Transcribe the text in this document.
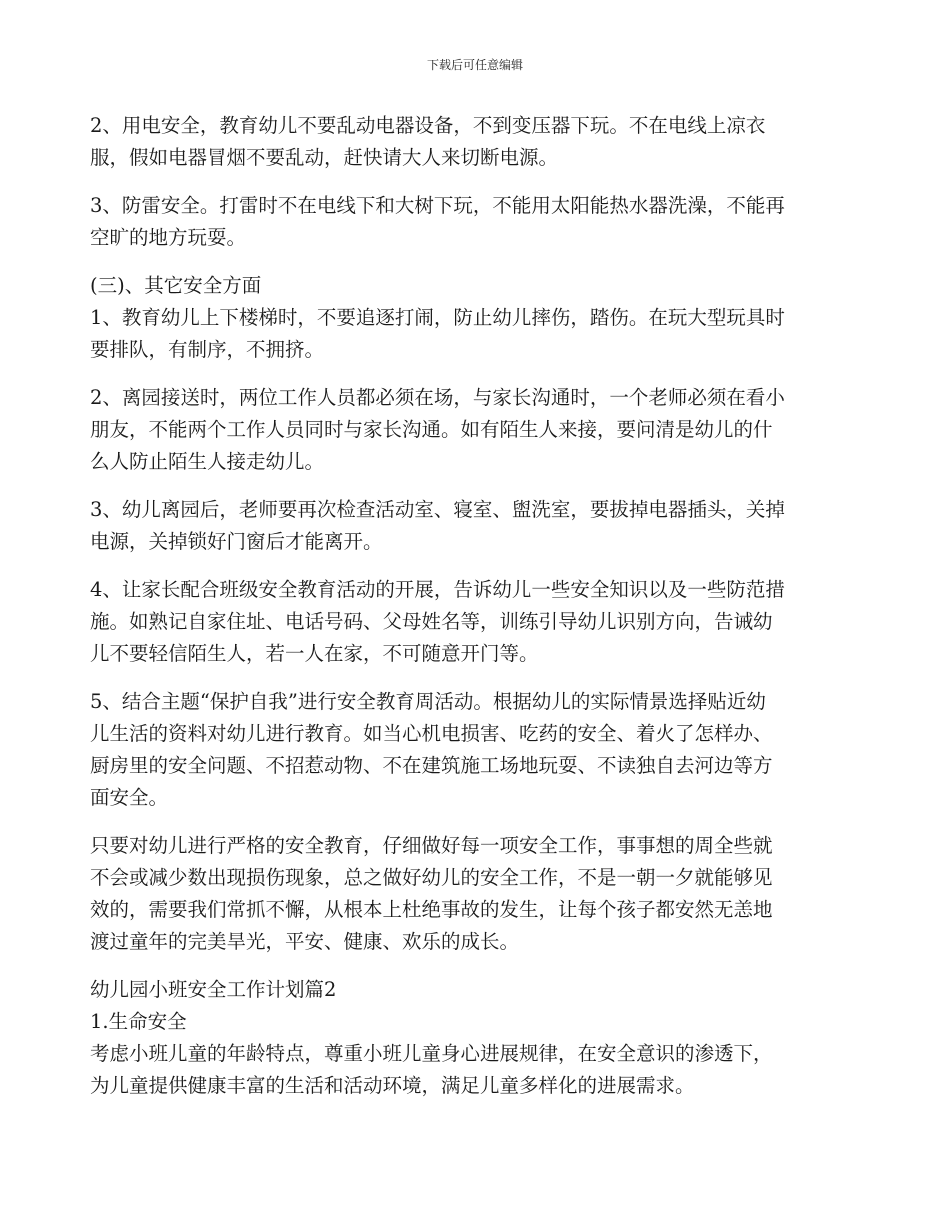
下载后可任意编辑
2、用电安全，教育幼儿不要乱动电器设备，不到变压器下玩。不在电线上凉衣
服，假如电器冒烟不要乱动，赶快请大人来切断电源。
3、防雷安全。打雷时不在电线下和大树下玩，不能用太阳能热水器洗澡，不能再
空旷的地方玩耍。
(三)、其它安全方面
1、教育幼儿上下楼梯时，不要追逐打闹，防止幼儿摔伤，踏伤。在玩大型玩具时
要排队，有制序，不拥挤。
2、离园接送时，两位工作人员都必须在场，与家长沟通时，一个老师必须在看小
朋友，不能两个工作人员同时与家长沟通。如有陌生人来接，要问清是幼儿的什
么人防止陌生人接走幼儿。
3、幼儿离园后，老师要再次检查活动室、寝室、盥洗室，要拔掉电器插头，关掉
电源，关掉锁好门窗后才能离开。
4、让家长配合班级安全教育活动的开展，告诉幼儿一些安全知识以及一些防范措
施。如熟记自家住址、电话号码、父母姓名等，训练引导幼儿识别方向，告诫幼
儿不要轻信陌生人，若一人在家，不可随意开门等。
5、结合主题“保护自我”进行安全教育周活动。根据幼儿的实际情景选择贴近幼
儿生活的资料对幼儿进行教育。如当心机电损害、吃药的安全、着火了怎样办、
厨房里的安全问题、不招惹动物、不在建筑施工场地玩耍、不读独自去河边等方
面安全。
只要对幼儿进行严格的安全教育，仔细做好每一项安全工作，事事想的周全些就
不会或减少数出现损伤现象，总之做好幼儿的安全工作，不是一朝一夕就能够见
效的，需要我们常抓不懈，从根本上杜绝事故的发生，让每个孩子都安然无恙地
渡过童年的完美旱光，平安、健康、欢乐的成长。
幼儿园小班安全工作计划篇2
1.生命安全
考虑小班儿童的年龄特点，尊重小班儿童身心进展规律，在安全意识的渗透下，
为儿童提供健康丰富的生活和活动环境，满足儿童多样化的进展需求。
